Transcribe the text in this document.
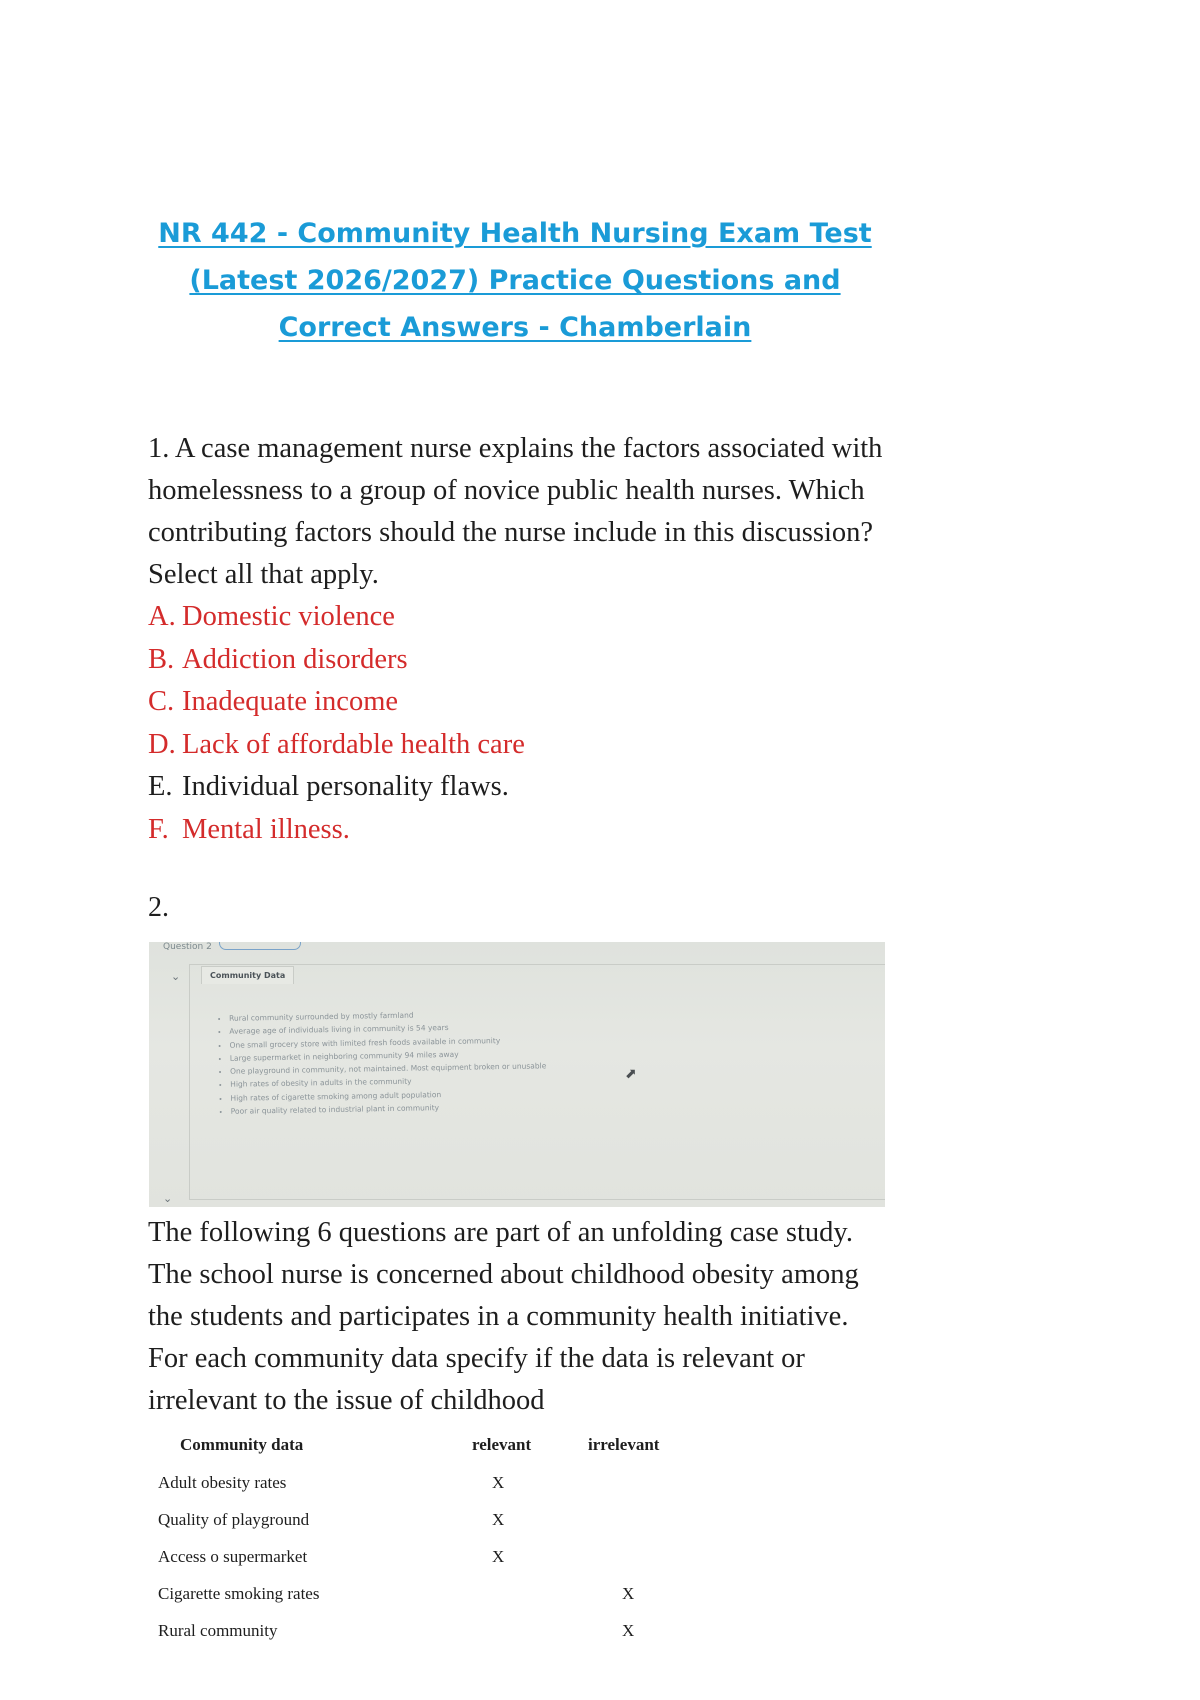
NR 442 - Community Health Nursing Exam Test
(Latest 2026/2027) Practice Questions and
Correct Answers - Chamberlain
1. A case management nurse explains the factors associated with homelessness to a group of novice public health nurses. Which contributing factors should the nurse include in this discussion? Select all that apply.
A. Domestic violence
B. Addiction disorders
C. Inadequate income
D. Lack of affordable health care
E. Individual personality flaws.
F. Mental illness.
2.
Question 2
⌄	Community Data
• Rural community surrounded by mostly farmland
• Average age of individuals living in community is 54 years
• One small grocery store with limited fresh foods available in community
• Large supermarket in neighboring community 94 miles away
• One playground in community, not maintained. Most equipment broken or unusable
• High rates of obesity in adults in the community
• High rates of cigarette smoking among adult population
• Poor air quality related to industrial plant in community
⬈
⌄
The following 6 questions are part of an unfolding case study. The school nurse is concerned about childhood obesity among the students and participates in a community health initiative. For each community data specify if the data is relevant or irrelevant to the issue of childhood
Community data	relevant	irrelevant
Adult obesity rates	X	
Quality of playground	X	
Access o supermarket	X	
Cigarette smoking rates		X
Rural community		X
